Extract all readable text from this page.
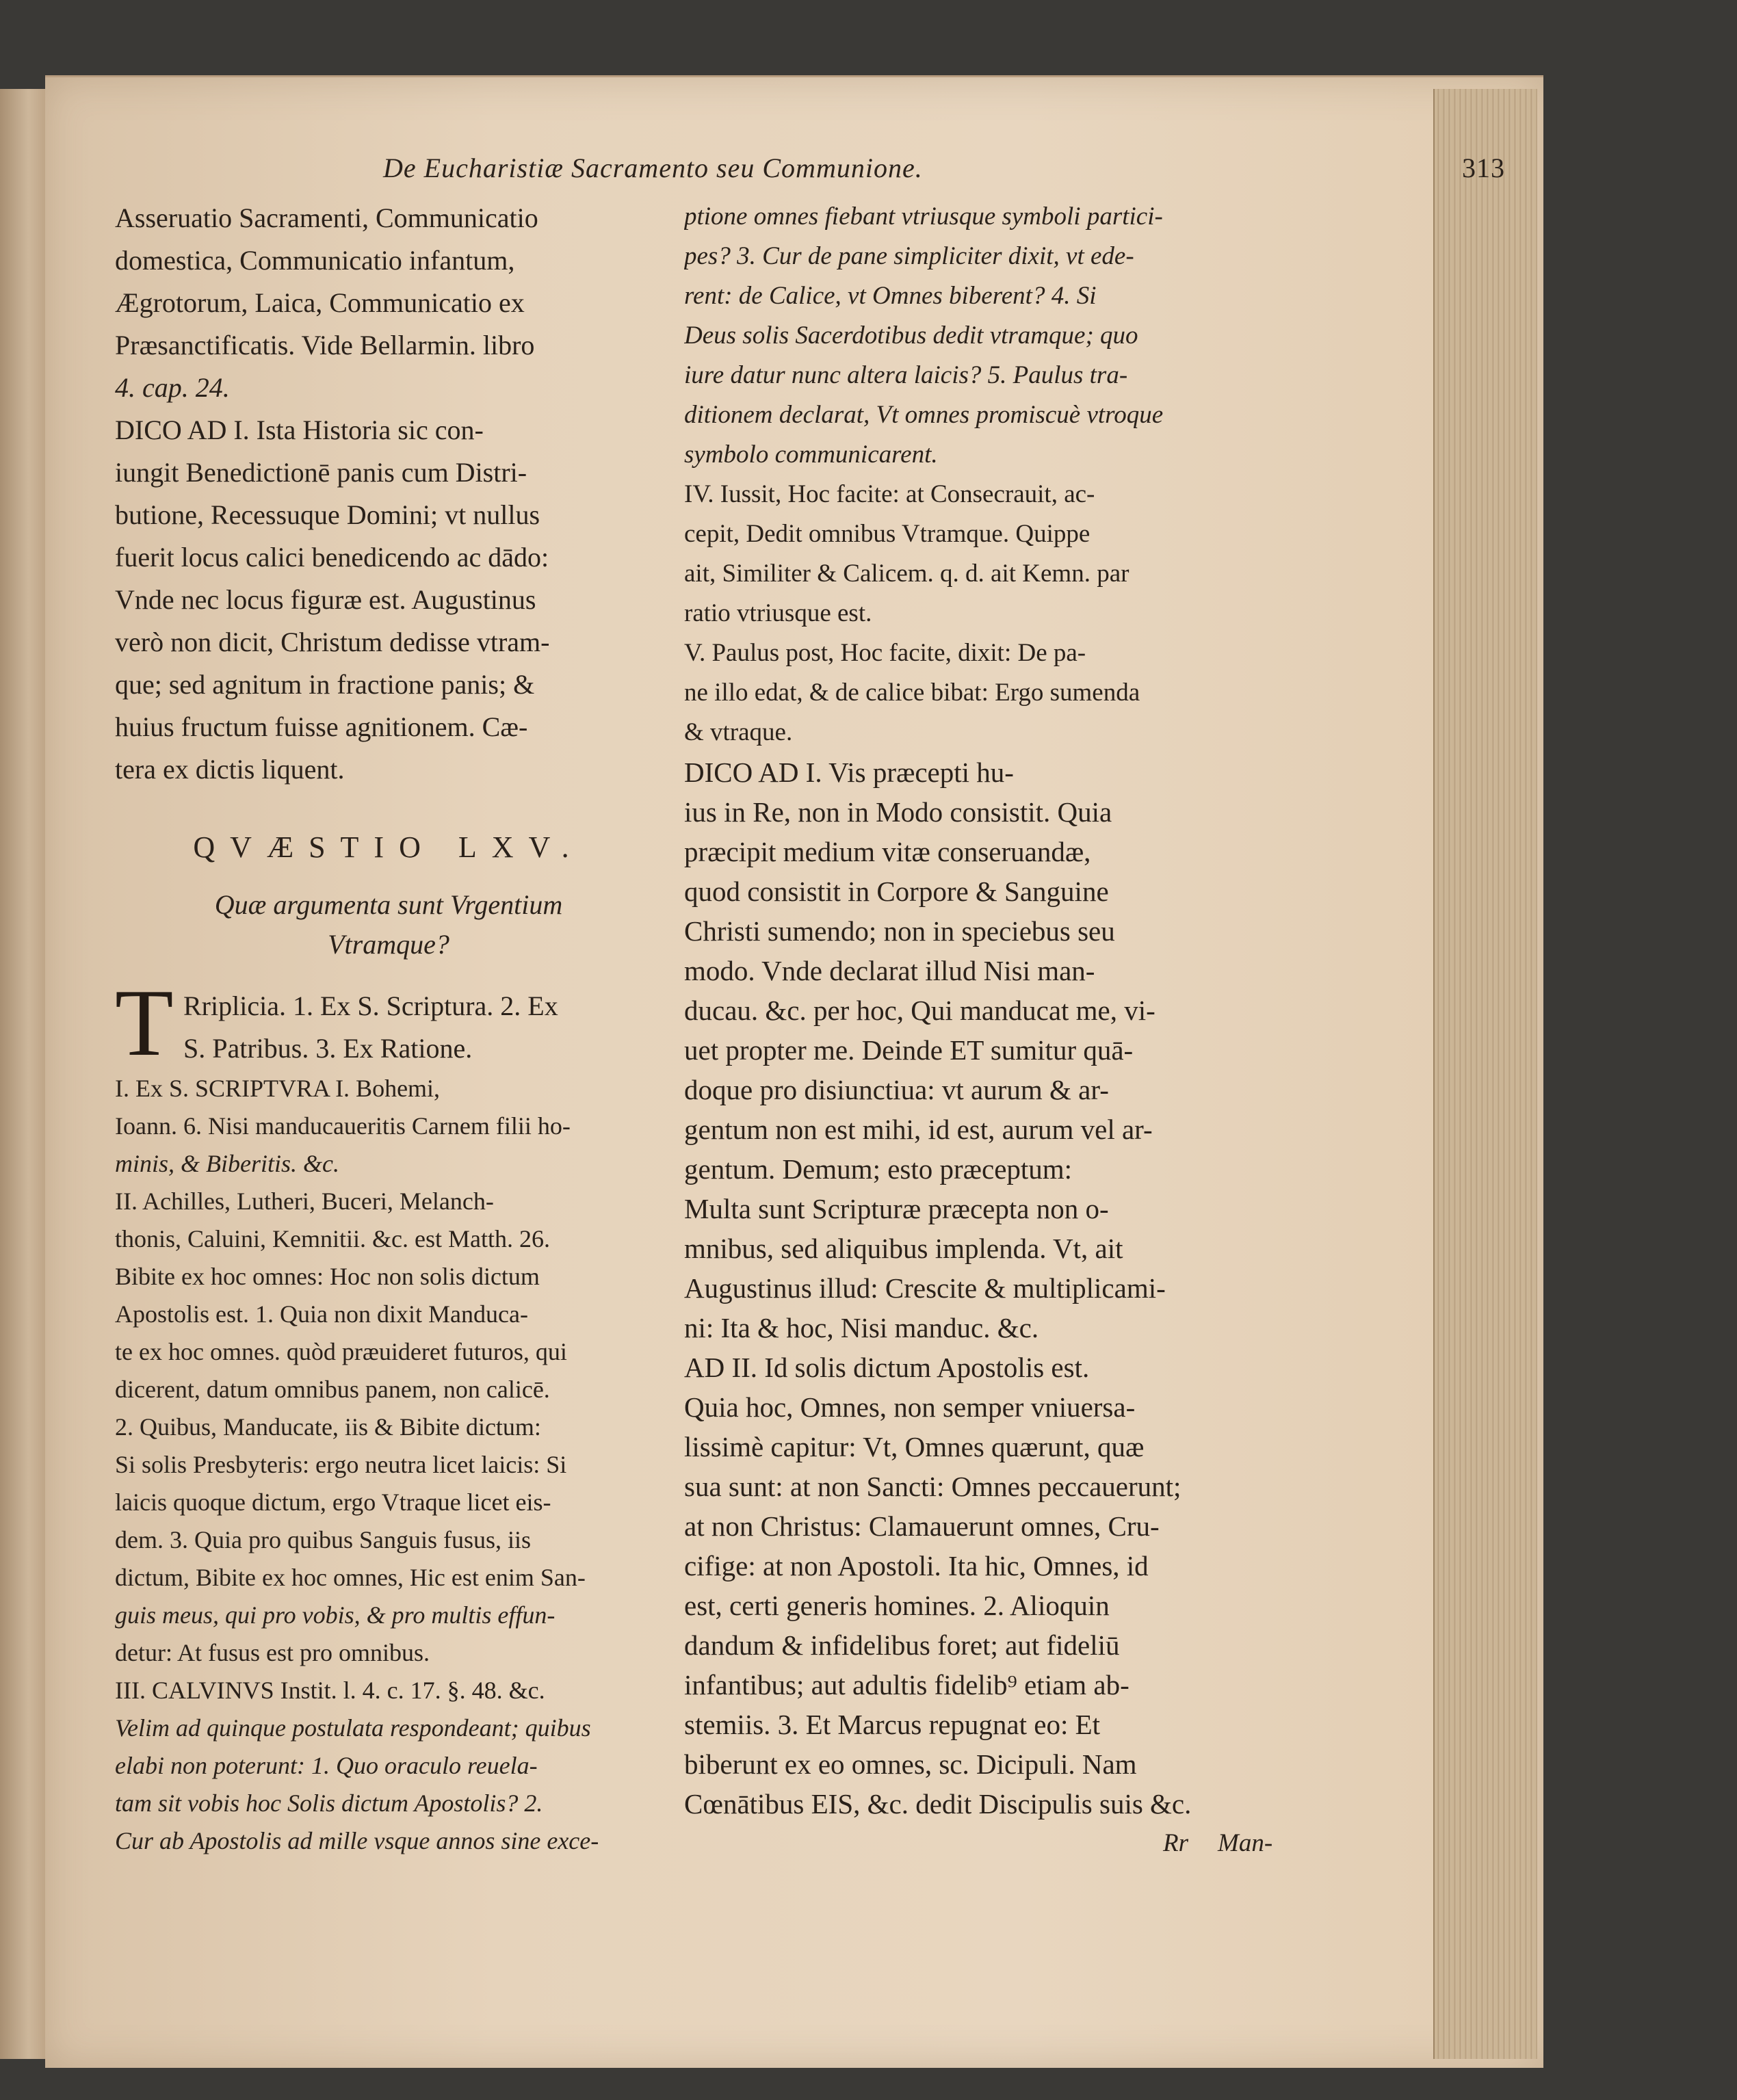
De Eucharistiæ Sacramento seu Communione.	313
Asseruatio Sacramenti, Communicatio
domestica, Communicatio infantum,
Ægrotorum, Laica, Communicatio ex
Præsanctificatis. Vide Bellarmin. libro
4. cap. 24.
DICO AD I. Ista Historia sic con-
iungit Benedictionē panis cum Distri-
butione, Recessuque Domini; vt nullus
fuerit locus calici benedicendo ac dādo:
Vnde nec locus figuræ est. Augustinus
verò non dicit, Christum dedisse vtram-
que; sed agnitum in fractione panis; &
huius fructum fuisse agnitionem. Cæ-
tera ex dictis liquent.
QVÆSTIO LXV.
Quæ argumenta sunt Vrgentium
Vtramque?
T Rriplicia. 1. Ex S. Scriptura. 2. Ex
S. Patribus. 3. Ex Ratione.
I. Ex S. SCRIPTVRA I. Bohemi,
Ioann. 6. Nisi manducaueritis Carnem filii ho-
minis, & Biberitis. &c.
II. Achilles, Lutheri, Buceri, Melanch-
thonis, Caluini, Kemnitii. &c. est Matth. 26.
Bibite ex hoc omnes: Hoc non solis dictum
Apostolis est. 1. Quia non dixit Manduca-
te ex hoc omnes. quòd præuideret futuros, qui
dicerent, datum omnibus panem, non calicē.
2. Quibus, Manducate, iis & Bibite dictum:
Si solis Presbyteris: ergo neutra licet laicis: Si
laicis quoque dictum, ergo Vtraque licet eis-
dem. 3. Quia pro quibus Sanguis fusus, iis
dictum, Bibite ex hoc omnes, Hic est enim San-
guis meus, qui pro vobis, & pro multis effun-
detur: At fusus est pro omnibus.
III. CALVINVS Instit. l. 4. c. 17. §. 48. &c.
Velim ad quinque postulata respondeant; quibus
elabi non poterunt: 1. Quo oraculo reuela-
tam sit vobis hoc Solis dictum Apostolis? 2.
Cur ab Apostolis ad mille vsque annos sine exce-
ptione omnes fiebant vtriusque symboli partici-
pes? 3. Cur de pane simpliciter dixit, vt ede-
rent: de Calice, vt Omnes biberent? 4. Si
Deus solis Sacerdotibus dedit vtramque; quo
iure datur nunc altera laicis? 5. Paulus tra-
ditionem declarat, Vt omnes promiscuè vtroque
symbolo communicarent.
IV. Iussit, Hoc facite: at Consecrauit, ac-
cepit, Dedit omnibus Vtramque. Quippe
ait, Similiter & Calicem. q. d. ait Kemn. par
ratio vtriusque est.
V. Paulus post, Hoc facite, dixit: De pa-
ne illo edat, & de calice bibat: Ergo sumenda
& vtraque.
DICO AD I. Vis præcepti hu-
ius in Re, non in Modo consistit. Quia
præcipit medium vitæ conseruandæ,
quod consistit in Corpore & Sanguine
Christi sumendo; non in speciebus seu
modo. Vnde declarat illud Nisi man-
ducau. &c. per hoc, Qui manducat me, vi-
uet propter me. Deinde ET sumitur quā-
doque pro disiunctiua: vt aurum & ar-
gentum non est mihi, id est, aurum vel ar-
gentum. Demum; esto præceptum:
Multa sunt Scripturæ præcepta non o-
mnibus, sed aliquibus implenda. Vt, ait
Augustinus illud: Crescite & multiplicami-
ni: Ita & hoc, Nisi manduc. &c.
AD II. Id solis dictum Apostolis est.
Quia hoc, Omnes, non semper vniuersa-
lissimè capitur: Vt, Omnes quærunt, quæ
sua sunt: at non Sancti: Omnes peccauerunt;
at non Christus: Clamauerunt omnes, Cru-
cifige: at non Apostoli. Ita hic, Omnes, id
est, certi generis homines. 2. Alioquin
dandum & infidelibus foret; aut fideliū
infantibus; aut adultis fidelib⁹ etiam ab-
stemiis. 3. Et Marcus repugnat eo: Et
biberunt ex eo omnes, sc. Dicipuli. Nam
Cœnātibus EIS, &c. dedit Discipulis suis &c.
Rr Man-
